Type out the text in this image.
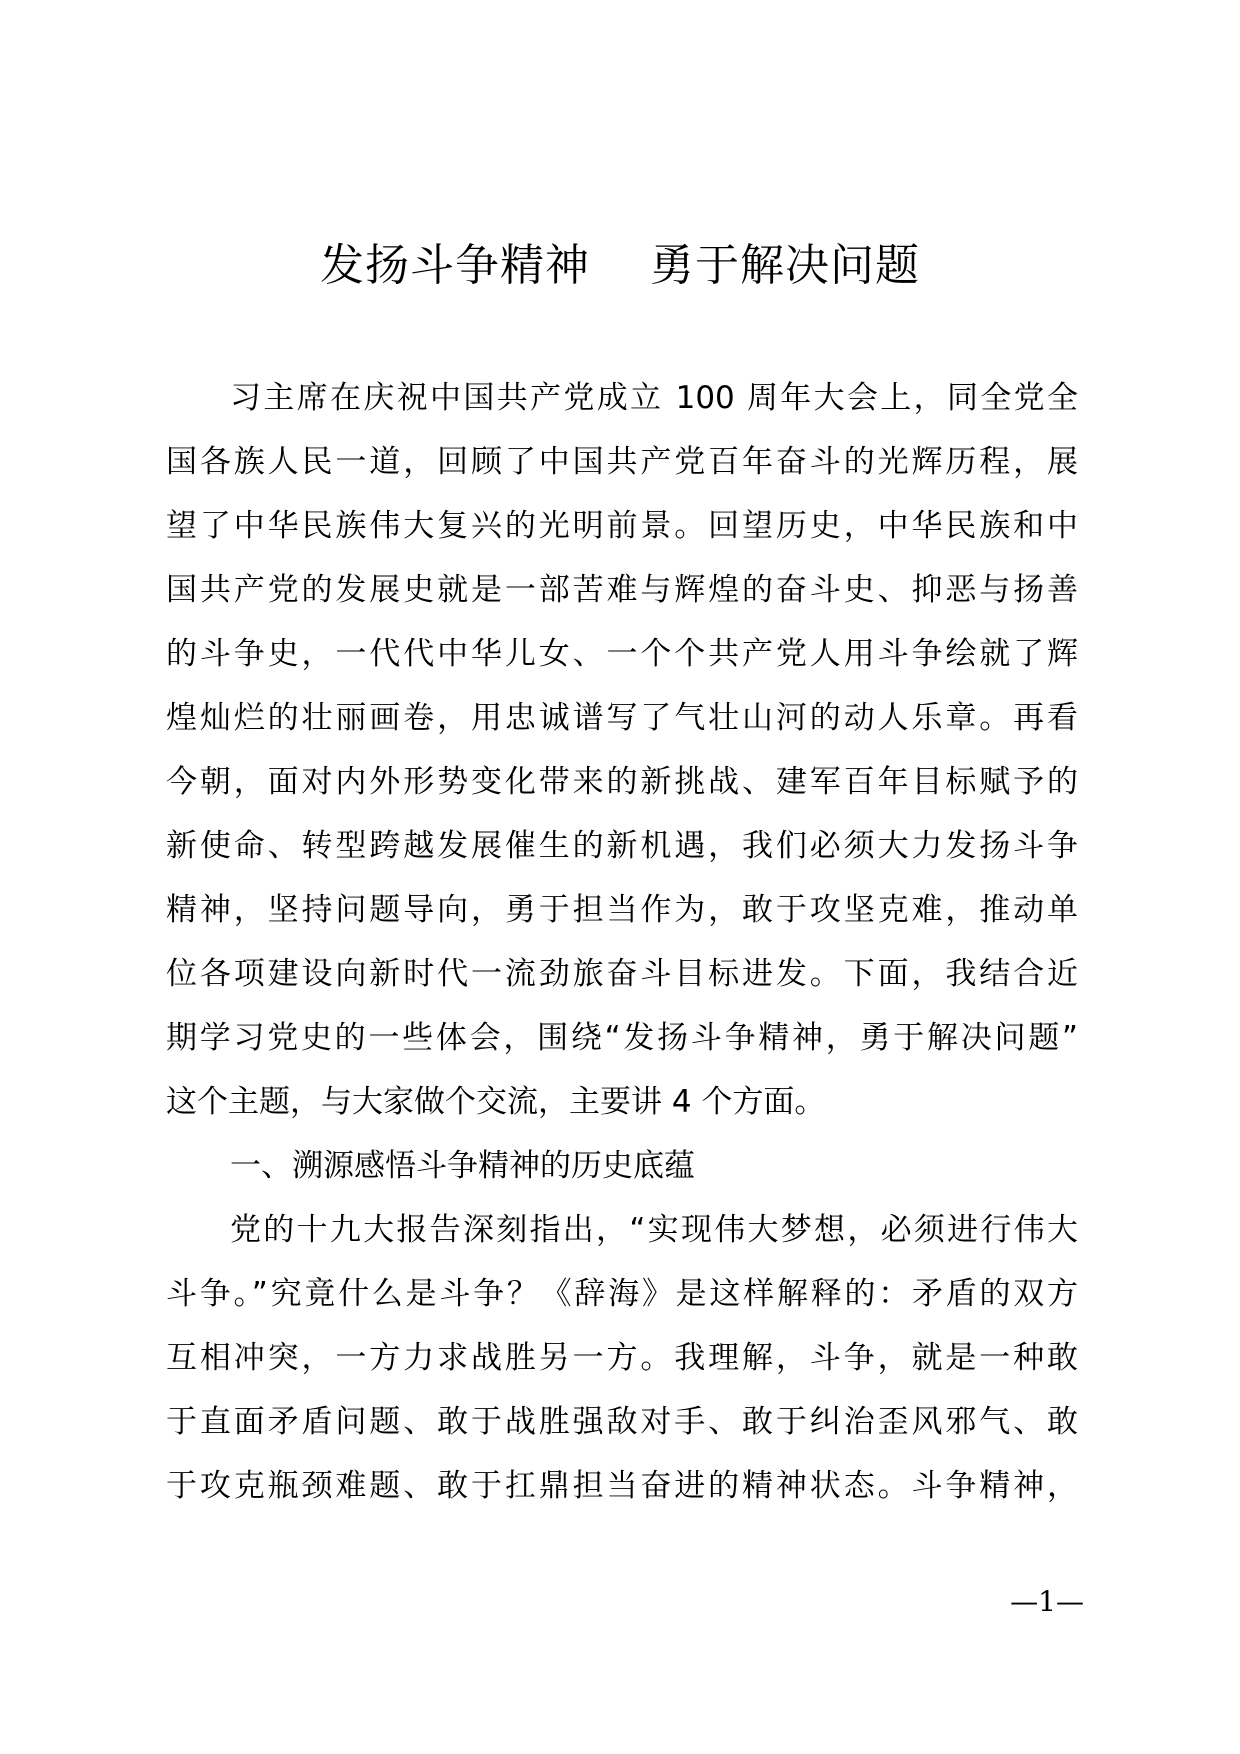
发扬斗争精神    勇于解决问题
习主席在庆祝中国共产党成立 100 周年大会上，同全党全
国各族人民一道，回顾了中国共产党百年奋斗的光辉历程，展
望了中华民族伟大复兴的光明前景。回望历史，中华民族和中
国共产党的发展史就是一部苦难与辉煌的奋斗史、抑恶与扬善
的斗争史，一代代中华儿女、一个个共产党人用斗争绘就了辉
煌灿烂的壮丽画卷，用忠诚谱写了气壮山河的动人乐章。再看
今朝，面对内外形势变化带来的新挑战、建军百年目标赋予的
新使命、转型跨越发展催生的新机遇，我们必须大力发扬斗争
精神，坚持问题导向，勇于担当作为，敢于攻坚克难，推动单
位各项建设向新时代一流劲旅奋斗目标进发。下面，我结合近
期学习党史的一些体会，围绕“发扬斗争精神，勇于解决问题”
这个主题，与大家做个交流，主要讲 4 个方面。
一、溯源感悟斗争精神的历史底蕴
党的十九大报告深刻指出，“实现伟大梦想，必须进行伟大
斗争。”究竟什么是斗争？《辞海》是这样解释的：矛盾的双方
互相冲突，一方力求战胜另一方。我理解，斗争，就是一种敢
于直面矛盾问题、敢于战胜强敌对手、敢于纠治歪风邪气、敢
于攻克瓶颈难题、敢于扛鼎担当奋进的精神状态。斗争精神，
—1—
